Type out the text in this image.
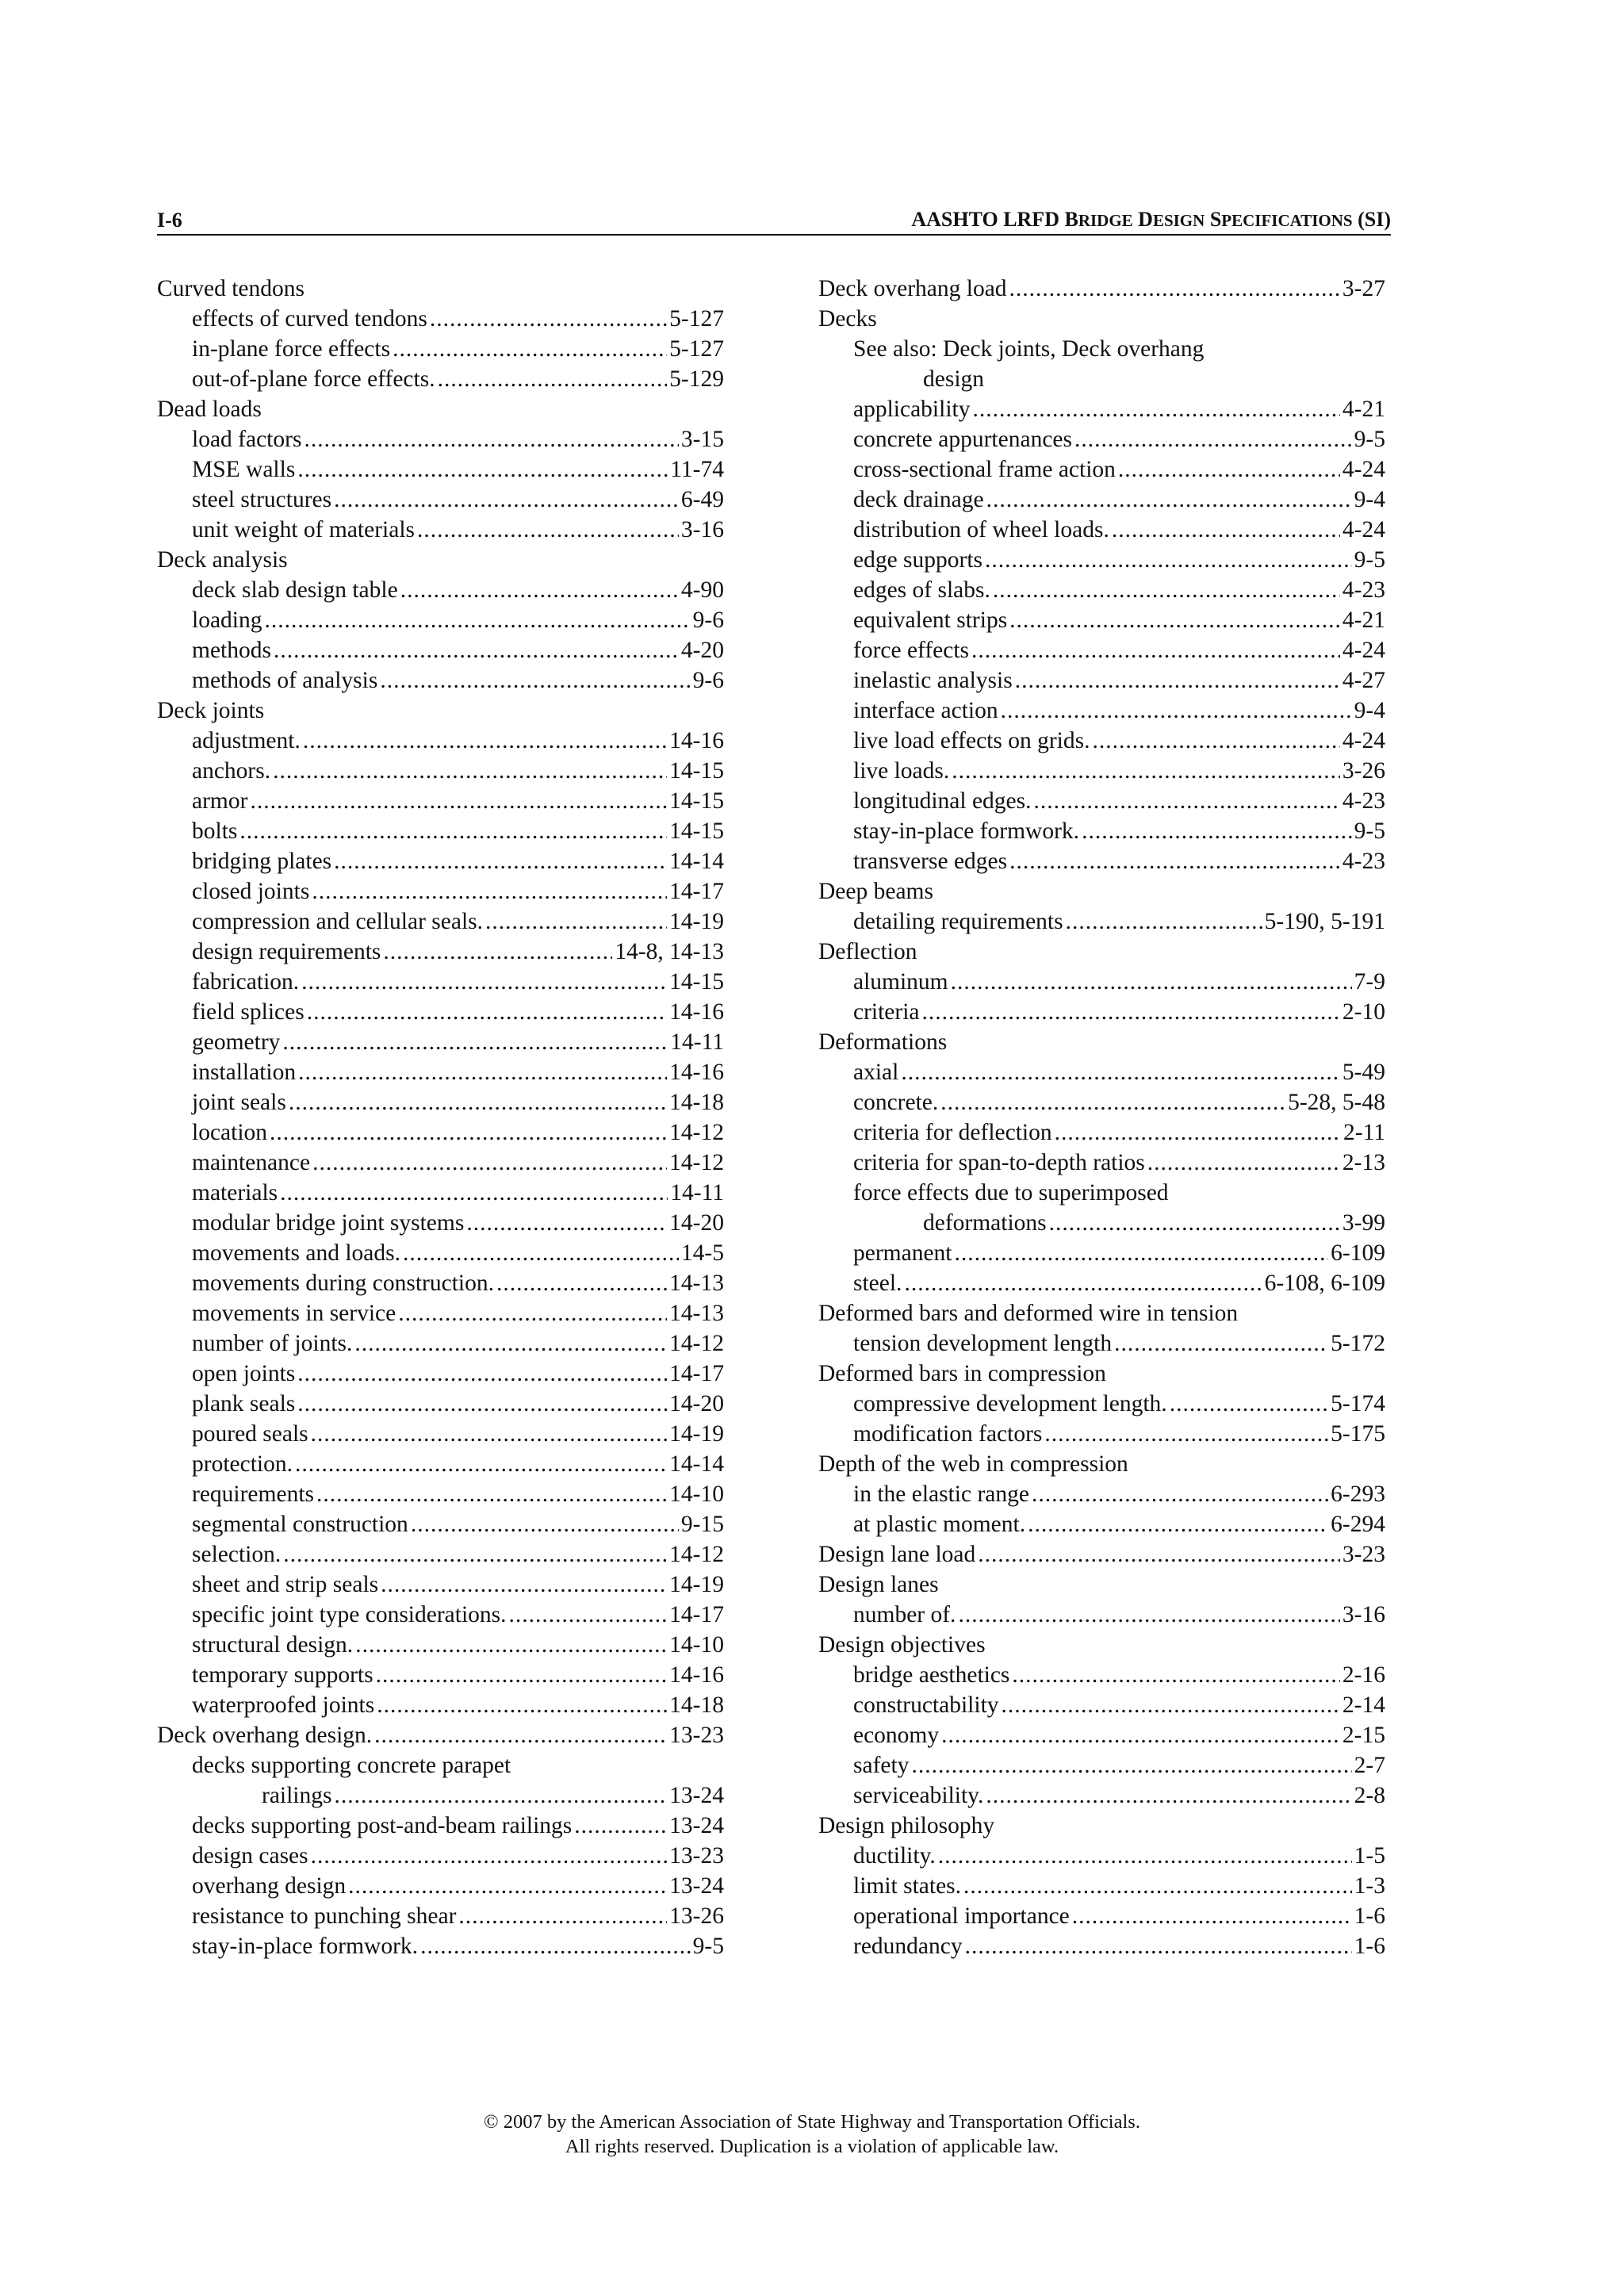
I-6	AASHTO LRFD BRIDGE DESIGN SPECIFICATIONS (SI)
Curved tendons
effects of curved tendons .....	5-127
in-plane force effects .....	5-127
out-of-plane force effects. .....	5-129
Dead loads
load factors .....	3-15
MSE walls .....	11-74
steel structures .....	6-49
unit weight of materials .....	3-16
Deck analysis
deck slab design table .....	4-90
loading .....	9-6
methods .....	4-20
methods of analysis .....	9-6
Deck joints
adjustment. .....	14-16
anchors. .....	14-15
armor .....	14-15
bolts .....	14-15
bridging plates .....	14-14
closed joints .....	14-17
compression and cellular seals. .....	14-19
design requirements .....	14-8, 14-13
fabrication. .....	14-15
field splices .....	14-16
geometry .....	14-11
installation .....	14-16
joint seals .....	14-18
location .....	14-12
maintenance .....	14-12
materials .....	14-11
modular bridge joint systems .....	14-20
movements and loads. .....	14-5
movements during construction. .....	14-13
movements in service .....	14-13
number of joints. .....	14-12
open joints .....	14-17
plank seals .....	14-20
poured seals .....	14-19
protection. .....	14-14
requirements .....	14-10
segmental construction .....	9-15
selection. .....	14-12
sheet and strip seals .....	14-19
specific joint type considerations. .....	14-17
structural design. .....	14-10
temporary supports .....	14-16
waterproofed joints .....	14-18
Deck overhang design. .....	13-23
decks supporting concrete parapet
railings .....	13-24
decks supporting post-and-beam railings .....	13-24
design cases .....	13-23
overhang design .....	13-24
resistance to punching shear .....	13-26
stay-in-place formwork. .....	9-5
Deck overhang load .....	3-27
Decks
See also: Deck joints, Deck overhang
design
applicability .....	4-21
concrete appurtenances .....	9-5
cross-sectional frame action .....	4-24
deck drainage .....	9-4
distribution of wheel loads. .....	4-24
edge supports .....	9-5
edges of slabs. .....	4-23
equivalent strips .....	4-21
force effects .....	4-24
inelastic analysis .....	4-27
interface action .....	9-4
live load effects on grids. .....	4-24
live loads. .....	3-26
longitudinal edges. .....	4-23
stay-in-place formwork. .....	9-5
transverse edges .....	4-23
Deep beams
detailing requirements .....	5-190, 5-191
Deflection
aluminum .....	7-9
criteria .....	2-10
Deformations
axial .....	5-49
concrete. .....	5-28, 5-48
criteria for deflection .....	2-11
criteria for span-to-depth ratios .....	2-13
force effects due to superimposed
deformations .....	3-99
permanent .....	6-109
steel. .....	6-108, 6-109
Deformed bars and deformed wire in tension
tension development length .....	5-172
Deformed bars in compression
compressive development length. .....	5-174
modification factors .....	5-175
Depth of the web in compression
in the elastic range .....	6-293
at plastic moment. .....	6-294
Design lane load .....	3-23
Design lanes
number of. .....	3-16
Design objectives
bridge aesthetics .....	2-16
constructability .....	2-14
economy .....	2-15
safety .....	2-7
serviceability. .....	2-8
Design philosophy
ductility. .....	1-5
limit states. .....	1-3
operational importance .....	1-6
redundancy .....	1-6
© 2007 by the American Association of State Highway and Transportation Officials.
All rights reserved. Duplication is a violation of applicable law.
